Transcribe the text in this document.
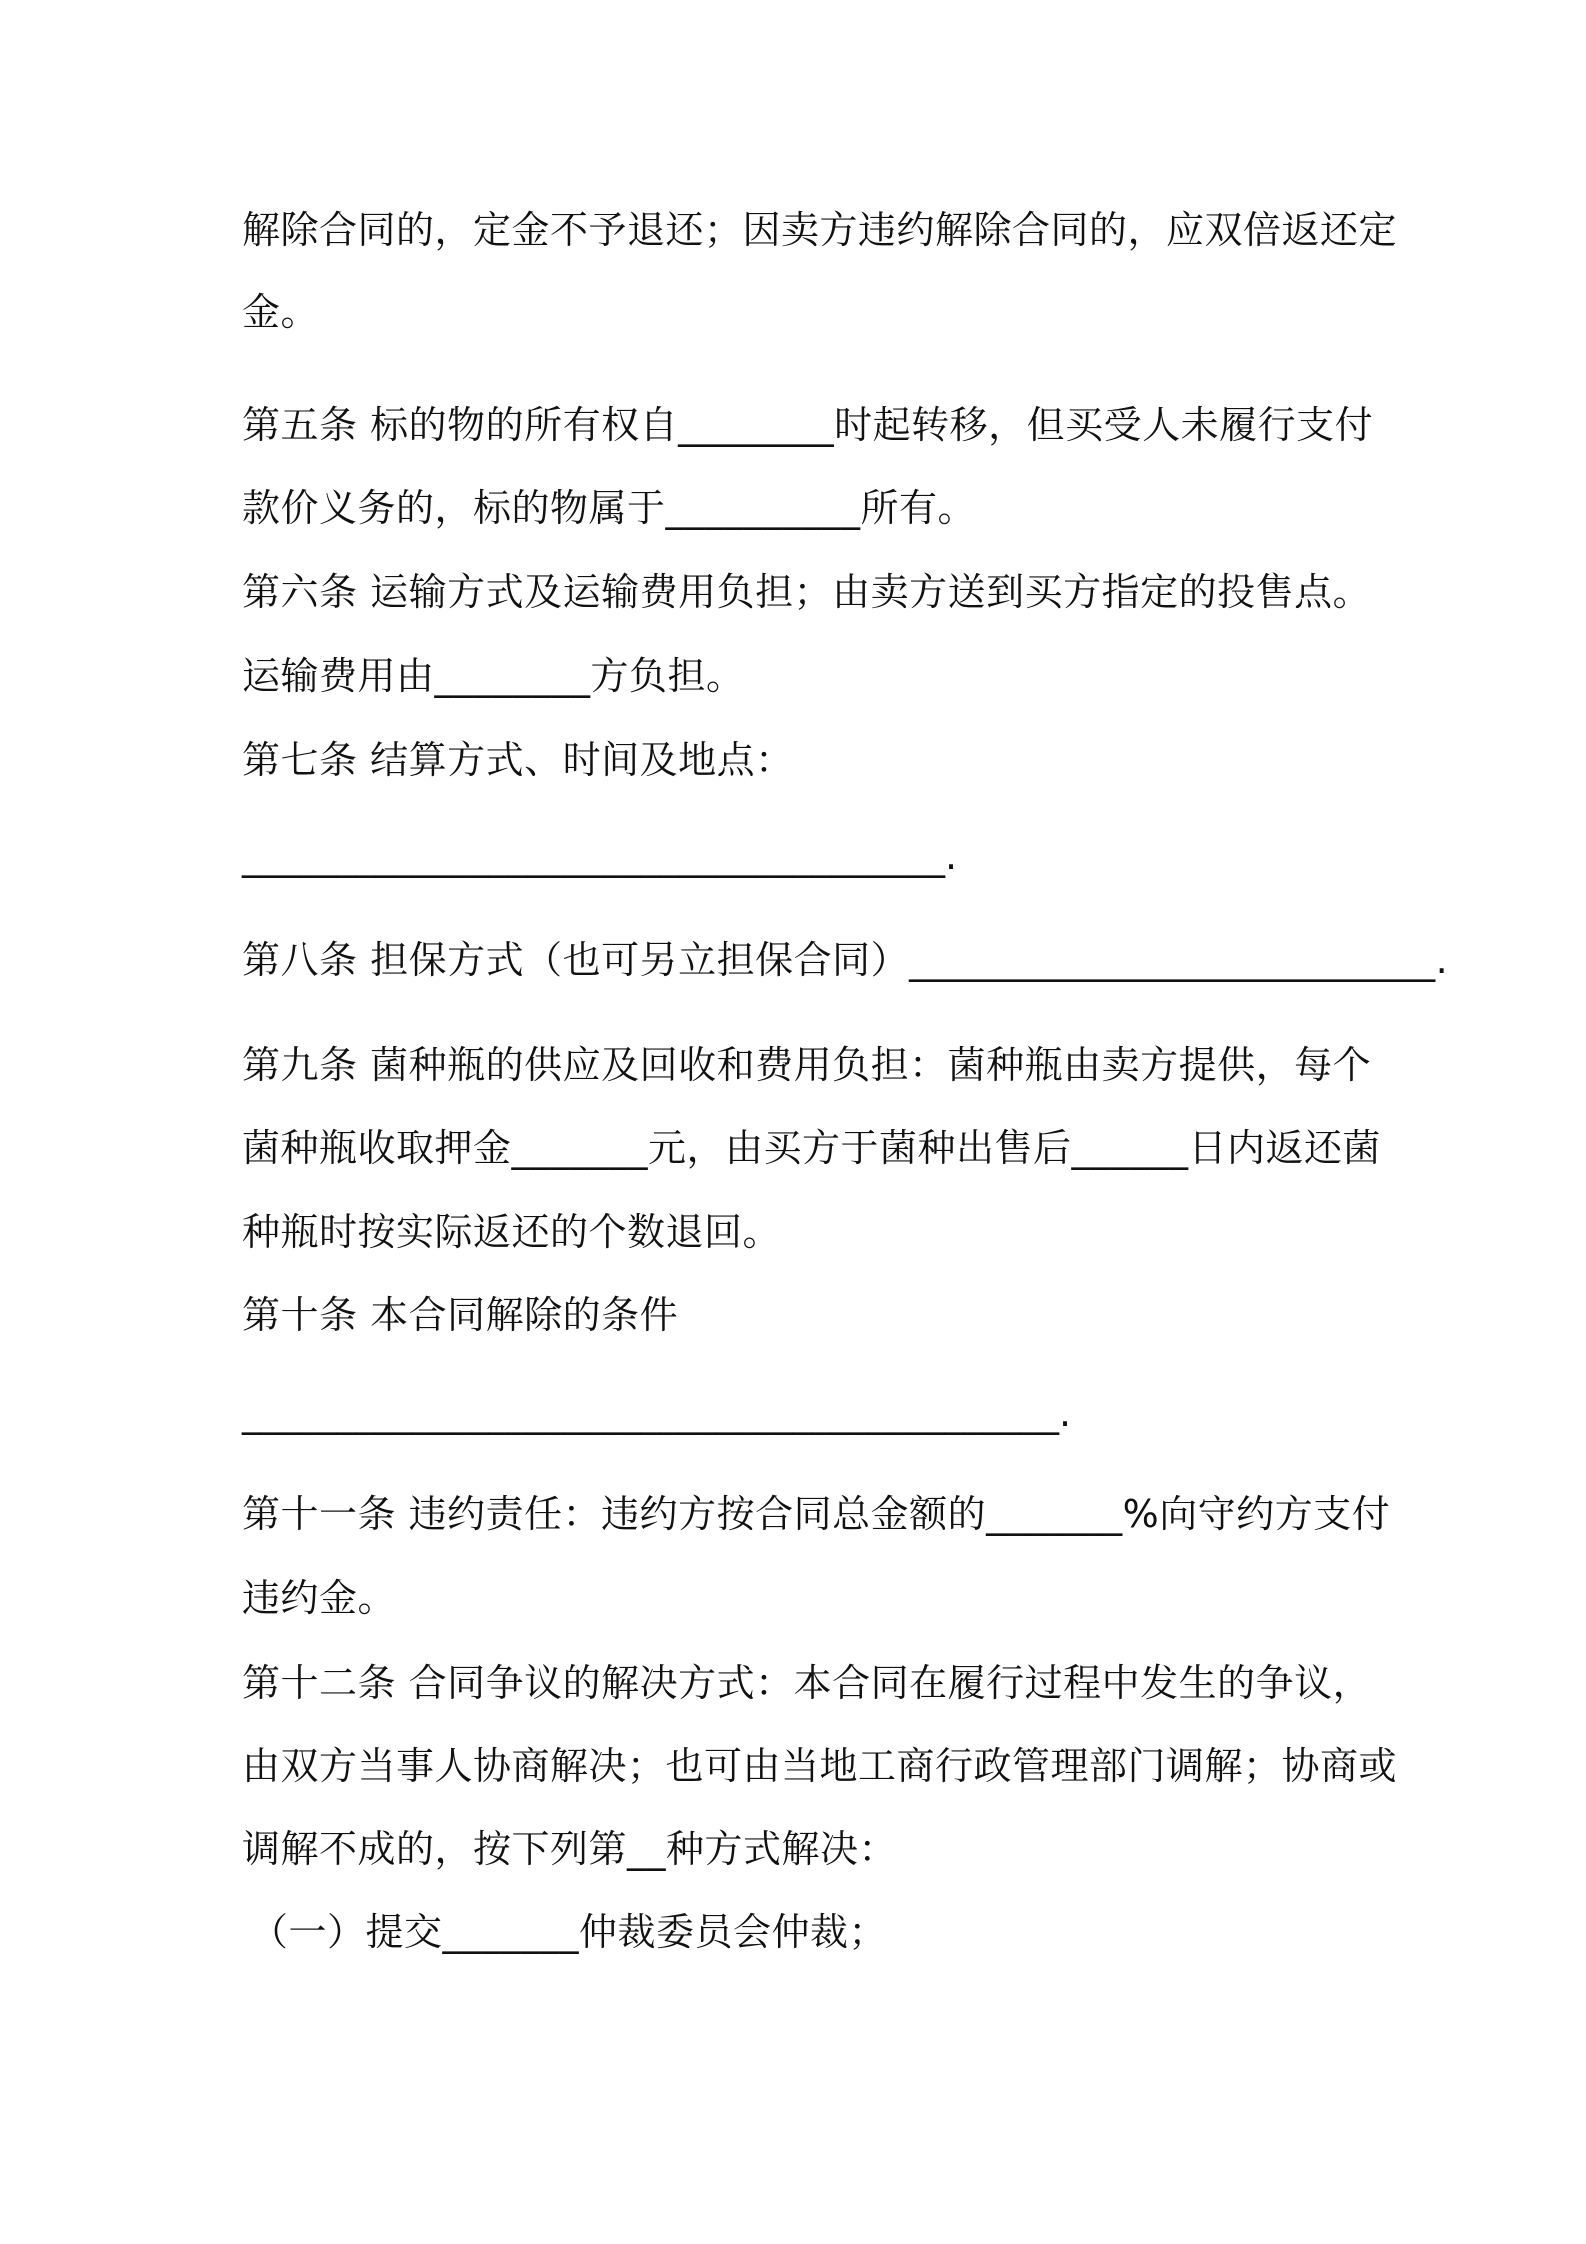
解除合同的，定金不予退还；因卖方违约解除合同的，应双倍返还定
金。
第五条 标的物的所有权自________时起转移，但买受人未履行支付
款价义务的，标的物属于__________所有。
第六条 运输方式及运输费用负担；由卖方送到买方指定的投售点。
运输费用由________方负担。
第七条 结算方式、时间及地点：
_____________________________________.
第八条 担保方式（也可另立担保合同）___________________________.
第九条 菌种瓶的供应及回收和费用负担：菌种瓶由卖方提供，每个
菌种瓶收取押金_______元，由买方于菌种出售后______日内返还菌
种瓶时按实际返还的个数退回。
第十条 本合同解除的条件
___________________________________________.
第十一条 违约责任：违约方按合同总金额的_______%向守约方支付
违约金。
第十二条 合同争议的解决方式：本合同在履行过程中发生的争议，
由双方当事人协商解决；也可由当地工商行政管理部门调解；协商或
调解不成的，按下列第__种方式解决：
（一）提交_______仲裁委员会仲裁；
